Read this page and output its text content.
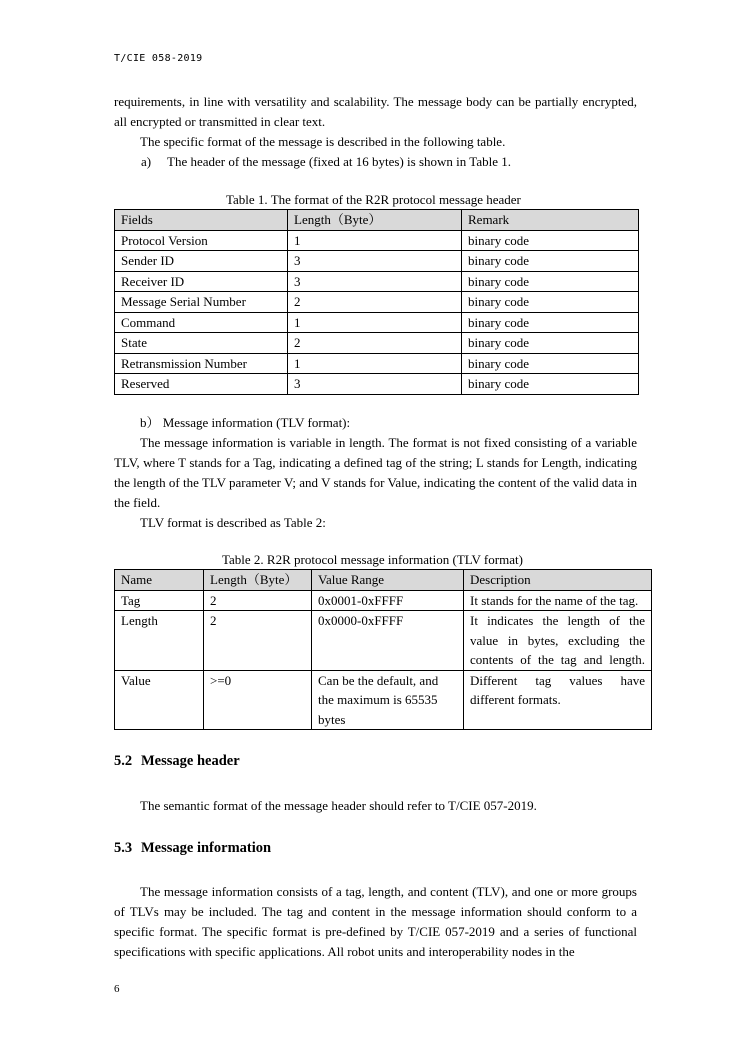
T/CIE 058-2019

requirements, in line with versatility and scalability. The message body can be partially encrypted, all encrypted or transmitted in clear text.

The specific format of the message is described in the following table.

a) The header of the message (fixed at 16 bytes) is shown in Table 1.

Table 1. The format of the R2R protocol message header
Fields	Length（Byte）	Remark
Protocol Version	1	binary code
Sender ID	3	binary code
Receiver ID	3	binary code
Message Serial Number	2	binary code
Command	1	binary code
State	2	binary code
Retransmission Number	1	binary code
Reserved	3	binary code

b） Message information (TLV format):

The message information is variable in length. The format is not fixed consisting of a variable TLV, where T stands for a Tag, indicating a defined tag of the string; L stands for Length, indicating the length of the TLV parameter V; and V stands for Value, indicating the content of the valid data in the field.

TLV format is described as Table 2:

Table 2. R2R protocol message information (TLV format)
Name	Length（Byte）	Value Range	Description
Tag	2	0x0001-0xFFFF	It stands for the name of the tag.
Length	2	0x0000-0xFFFF	It indicates the length of the value in bytes, excluding the contents of the tag and length.
Value	>=0	Can be the default, and the maximum is 65535 bytes	Different tag values have different formats.
5.2 Message header

The semantic format of the message header should refer to T/CIE 057-2019.

5.3 Message information

The message information consists of a tag, length, and content (TLV), and one or more groups of TLVs may be included. The tag and content in the message information should conform to a specific format. The specific format is pre-defined by T/CIE 057-2019 and a series of functional specifications with specific applications. All robot units and interoperability nodes in the

6
